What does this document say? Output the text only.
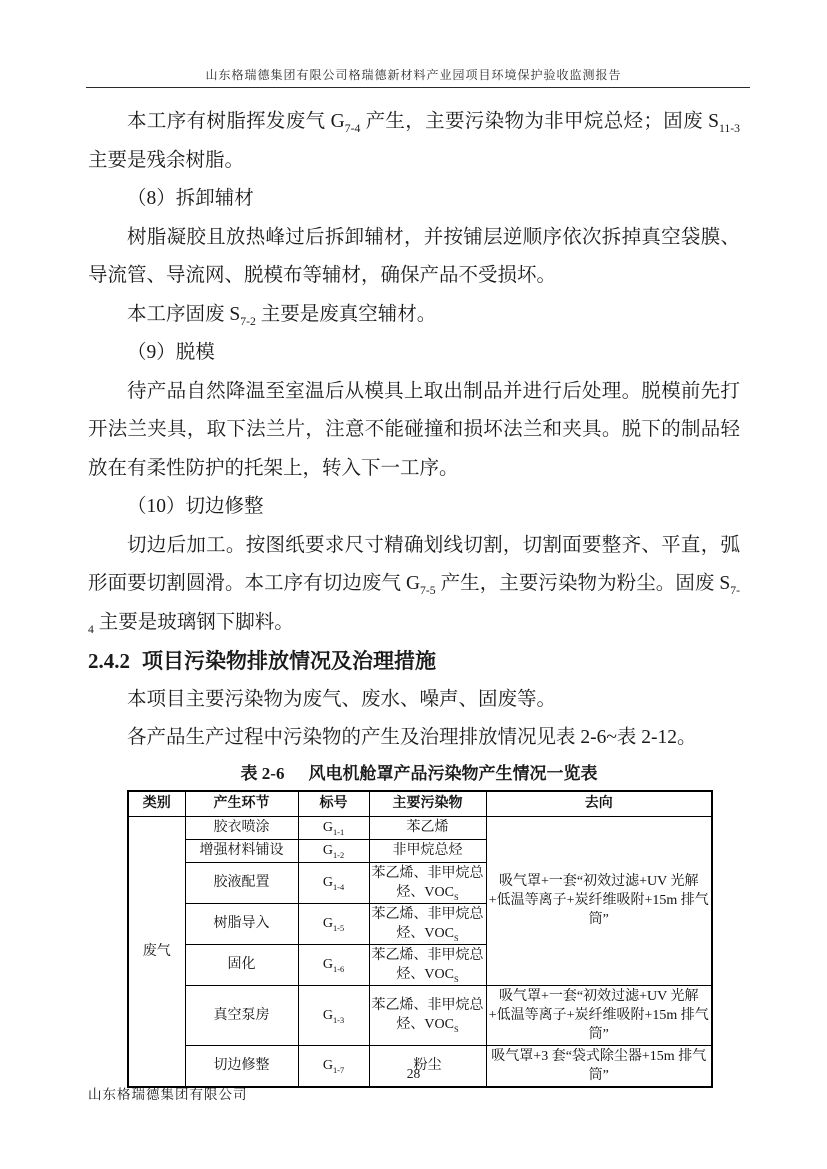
山东格瑞德集团有限公司格瑞德新材料产业园项目环境保护验收监测报告

本工序有树脂挥发废气 $G_{7-4}$ 产生，主要污染物为非甲烷总烃；固废 $S_{11-3}$ 主要是残余树脂。

（8）拆卸辅材

树脂凝胶且放热峰过后拆卸辅材，并按铺层逆顺序依次拆掉真空袋膜、导流管、导流网、脱模布等辅材，确保产品不受损坏。

本工序固废 $S_{7-2}$ 主要是废真空辅材。

（9）脱模

待产品自然降温至室温后从模具上取出制品并进行后处理。脱模前先打开法兰夹具，取下法兰片，注意不能碰撞和损坏法兰和夹具。脱下的制品轻放在有柔性防护的托架上，转入下一工序。

（10）切边修整

切边后加工。按图纸要求尺寸精确划线切割，切割面要整齐、平直，弧形面要切割圆滑。本工序有切边废气 $G_{7-5}$ 产生，主要污染物为粉尘。固废 $S_{7-4}$ 主要是玻璃钢下脚料。

2.4.2 项目污染物排放情况及治理措施

本项目主要污染物为废气、废水、噪声、固废等。

各产品生产过程中污染物的产生及治理排放情况见表 2-6~表 2-12。

表 2-6 风电机舱罩产品污染物产生情况一览表
类别	产生环节	标号	主要污染物	去向
废气	胶衣喷涂	$G_{1-1}$	苯乙烯	吸气罩+一套“初效过滤+UV 光解+低温等离子+炭纤维吸附+15m 排气筒”
	增强材料铺设	$G_{1-2}$	非甲烷总烃	
	胶液配置	$G_{1-4}$	苯乙烯、非甲烷总烃、$VOC_S$
	树脂导入	$G_{1-5}$	苯乙烯、非甲烷总烃、$VOC_S$
	固化	$G_{1-6}$	苯乙烯、非甲烷总烃、$VOC_S$
	真空泵房	$G_{1-3}$	苯乙烯、非甲烷总烃、$VOC_S$	吸气罩+一套“初效过滤+UV 光解+低温等离子+炭纤维吸附+15m 排气筒”
	切边修整	$G_{1-7}$	粉尘	吸气罩+3 套“袋式除尘器+15m 排气筒”
28
山东格瑞德集团有限公司
